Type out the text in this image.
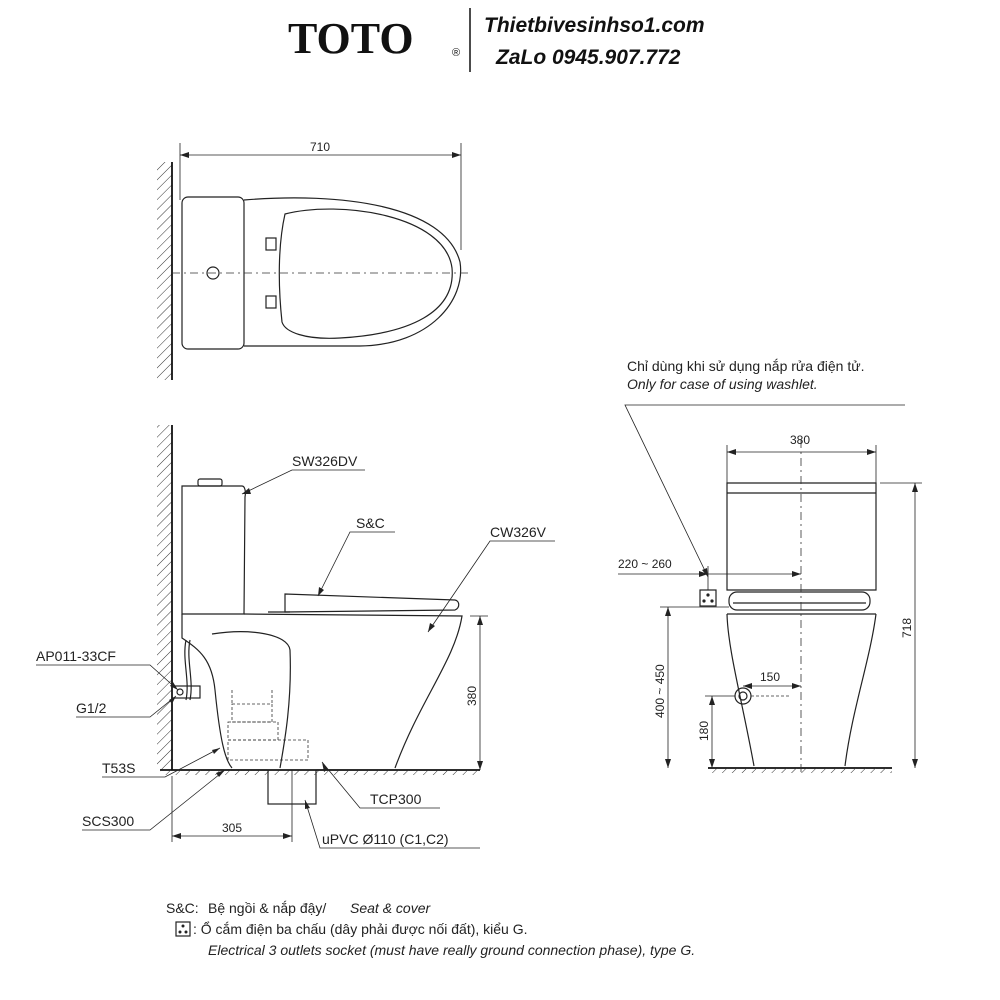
TOTO	®
Thietbivesinhso1.com
ZaLo 0945.907.772
710
380
305
SW326DV
S&C
CW326V
AP011-33CF
G1/2
T53S
SCS300
TCP300
uPVC Ø110 (C1,C2)
Chỉ dùng khi sử dụng nắp rửa điện tử.
Only for case of using washlet.
380
220 ~ 260
718
400 ~ 450
180
150
S&C: Bệ ngồi & nắp đậy/ Seat & cover
: Ổ cắm điện ba chấu (dây phải được nối đất), kiểu G.
Electrical 3 outlets socket (must have really ground connection phase), type G.
